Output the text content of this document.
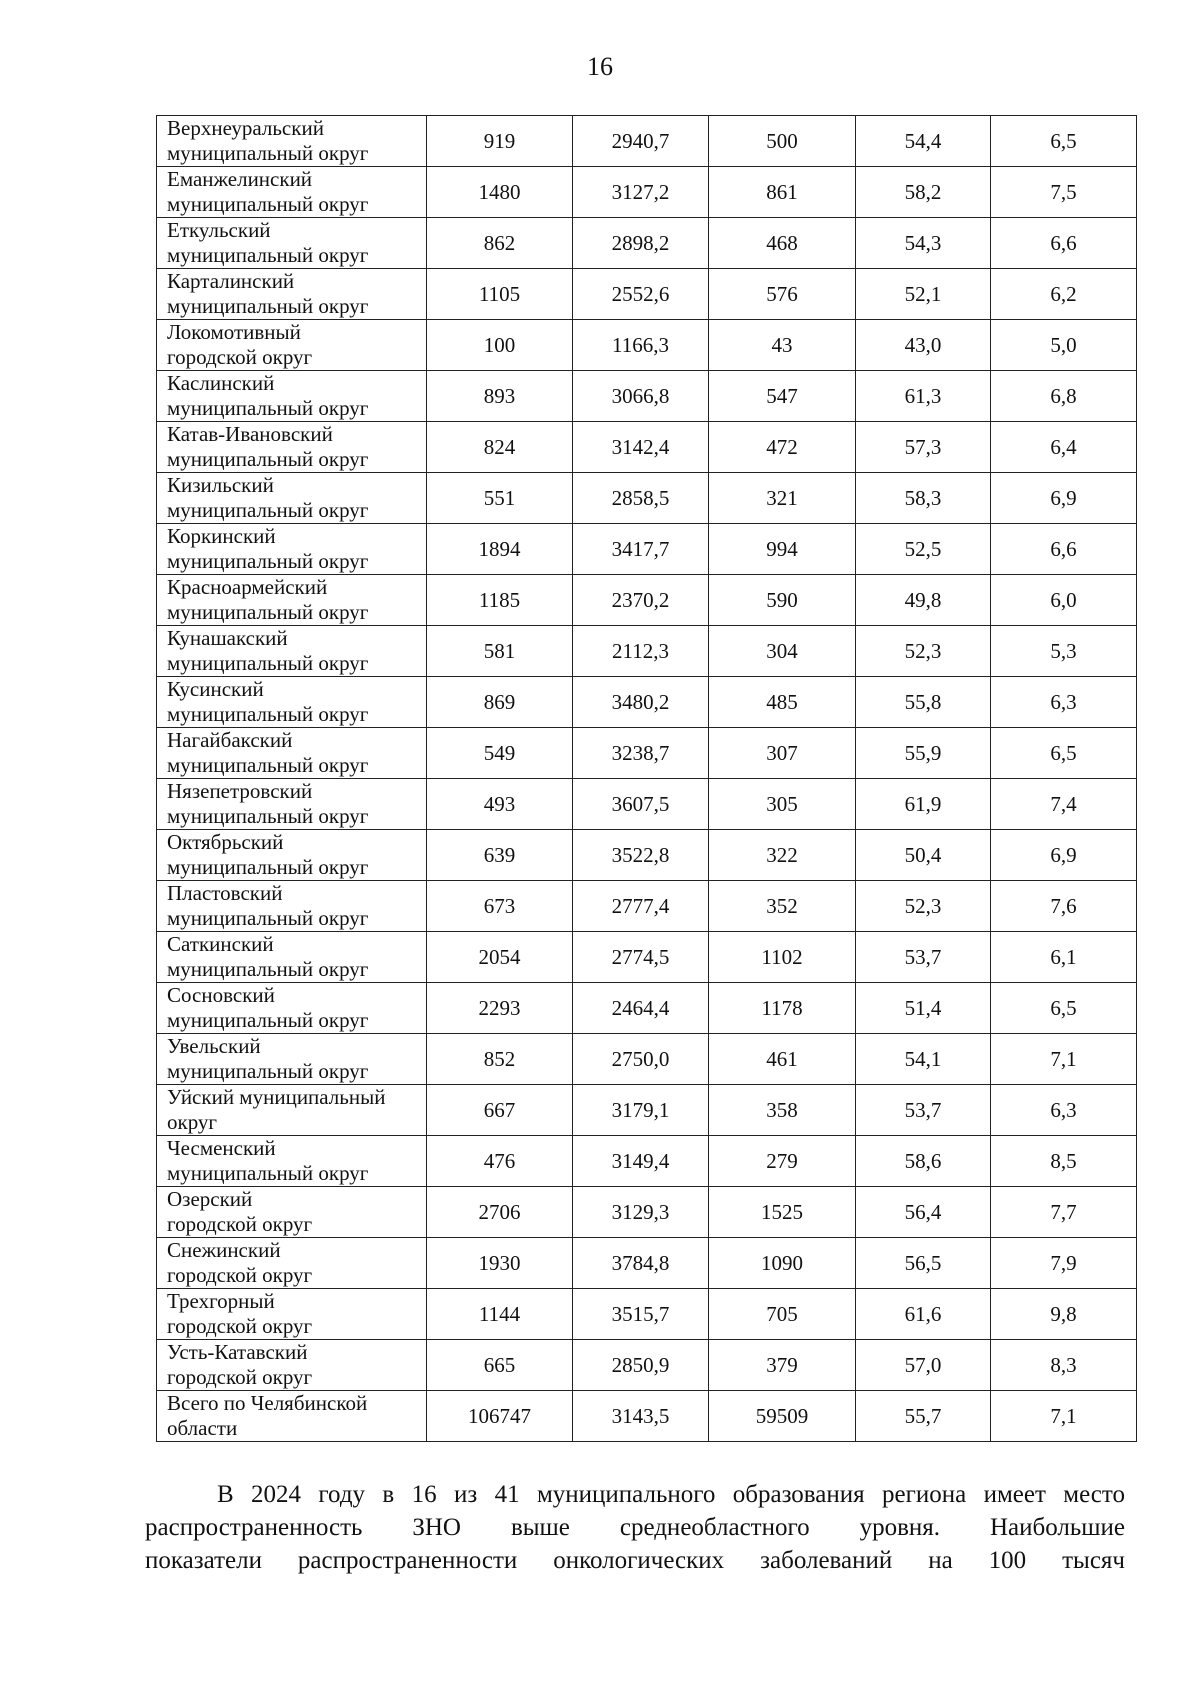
16
Верхнеуральский
муниципальный округ	919	2940,7	500	54,4	6,5

Еманжелинский
муниципальный округ	1480	3127,2	861	58,2	7,5

Еткульский
муниципальный округ	862	2898,2	468	54,3	6,6

Карталинский
муниципальный округ	1105	2552,6	576	52,1	6,2

Локомотивный
городской округ	100	1166,3	43	43,0	5,0

Каслинский
муниципальный округ	893	3066,8	547	61,3	6,8

Катав-Ивановский
муниципальный округ	824	3142,4	472	57,3	6,4

Кизильский
муниципальный округ	551	2858,5	321	58,3	6,9

Коркинский
муниципальный округ	1894	3417,7	994	52,5	6,6

Красноармейский
муниципальный округ	1185	2370,2	590	49,8	6,0

Кунашакский
муниципальный округ	581	2112,3	304	52,3	5,3

Кусинский
муниципальный округ	869	3480,2	485	55,8	6,3

Нагайбакский
муниципальный округ	549	3238,7	307	55,9	6,5

Нязепетровский
муниципальный округ	493	3607,5	305	61,9	7,4

Октябрьский
муниципальный округ	639	3522,8	322	50,4	6,9

Пластовский
муниципальный округ	673	2777,4	352	52,3	7,6

Саткинский
муниципальный округ	2054	2774,5	1102	53,7	6,1

Сосновский
муниципальный округ	2293	2464,4	1178	51,4	6,5

Увельский
муниципальный округ	852	2750,0	461	54,1	7,1

Уйский муниципальный
округ	667	3179,1	358	53,7	6,3

Чесменский
муниципальный округ	476	3149,4	279	58,6	8,5

Озерский
городской округ	2706	3129,3	1525	56,4	7,7

Снежинский
городской округ	1930	3784,8	1090	56,5	7,9

Трехгорный
городской округ	1144	3515,7	705	61,6	9,8

Усть-Катавский
городской округ	665	2850,9	379	57,0	8,3

Всего по Челябинской
области	106747	3143,5	59509	55,7	7,1
В 2024 году в 16 из 41 муниципального образования региона имеет место
распространенность ЗНО выше среднеобластного уровня. Наибольшие
показатели распространенности онкологических заболеваний на 100 тысяч
